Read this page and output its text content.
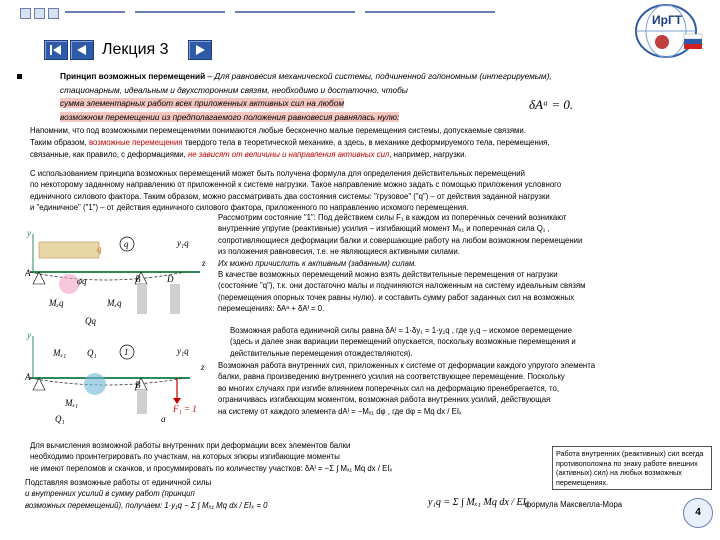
Лекция 3
ИрГТ
Принцип возможных перемещений – Для равновесия механической системы, подчиненной голономным (интегрируемым),
стационарным, идеальным и двухсторонним связям, необходимо и достаточно, чтобы
сумма элементарных работ всех приложенных активных сил на любом
возможном перемещении из предполагаемого положения равновесия равнялась нулю:
δAᵃ = 0.
Напомним, что под возможными перемещениями понимаются любые бесконечно малые перемещения системы, допускаемые связями.
Таким образом, возможные перемещения твердого тела в теоретической механике, а здесь, в механике деформируемого тела, перемещения,
связанные, как правило, с деформациями, не зависят от величины и направления активных сил, например, нагрузки.
С использованием принципа возможных перемещений может быть получена формула для определения действительных перемещений
по некоторому заданному направлению от приложенной к системе нагрузки. Такое направление можно задать с помощью приложения условного
единичного силового фактора. Таким образом, можно рассматривать два состояния системы: "грузовое" ("q") – от действия заданной нагрузки
и "единичное" ("1") – от действия единичного силового фактора, приложенного по направлению искомого перемещения.
Рассмотрим состояние "1": Под действием силы F₁ в каждом из поперечных сечений возникают
внутренние упругие (реактивные) усилия – изгибающий момент Mₓ₁ и поперечная сила Q₁ ,
сопротивляющиеся деформации балки и совершающие работу на любом возможном перемещении
из положения равновесия, т.е. не являющиеся активными силами.
Их можно причислить к активным (заданным) силам.
В качестве возможных перемещений можно взять действительные перемещения от нагрузки
(состояние "q"), т.к. они достаточно малы и подчиняются наложенным на систему идеальным связям
(перемещения опорных точек равны нулю). и составить сумму работ заданных сил на возможных
перемещениях: δAᵃ + δAᴵ = 0.
Возможная работа единичной силы равна δAᴵ = 1·δy₁ = 1·y₁q , где y₁q – искомое перемещение
(здесь и далее знак вариации перемещений опускается, поскольку возможные перемещения и
действительные перемещения отождествляются).
Возможная работа внутренних сил, приложенных к системе от деформации каждого упругого элемента
балки, равна произведению внутреннего усилия на соответствующее перемещение. Поскольку
во многих случаях при изгибе влиянием поперечных сил на деформацию пренебрегается, то,
ограничивась изгибающим моментом, возможная работа внутренних усилий, действующая
на систему от каждого элемента dAᴵ = −Mₓ₁ dφ , где dφ = Mq dx / EIₓ
Для вычисления возможной работы внутренних при деформации всех элементов балки
необходимо проинтегрировать по участкам, на которых эпюры изгибающие моменты
не имеют переломов и скачков, и просуммировать по количеству участков: δAᴵ = −Σ ∫ Mₓ₁ Mq dx / EIₓ
Подставляя возможные работы от единичной силы
и внутренних усилий в сумму работ (принцип
возможных перемещений), получаем: 1·y₁q − Σ ∫ Mₓ₁ Mq dx / EIₓ = 0	y₁q = Σ ∫ Mₓ₁ Mq dx / EIₓ
- формула Максвелла-Мора
Работа внутренних (реактивных) сил всегда противоположна по знаку работе внешних (активных) сил) на любых возможных перемещениях.
4
y
q	q	y₁q
z
A
B	D
φq
Mₓq	Mₓq
Qq
y
Mₓ₁ Q₁	1	y₁q
z
A
B
Mₓ₁
Q₁
F₁ = 1
a
